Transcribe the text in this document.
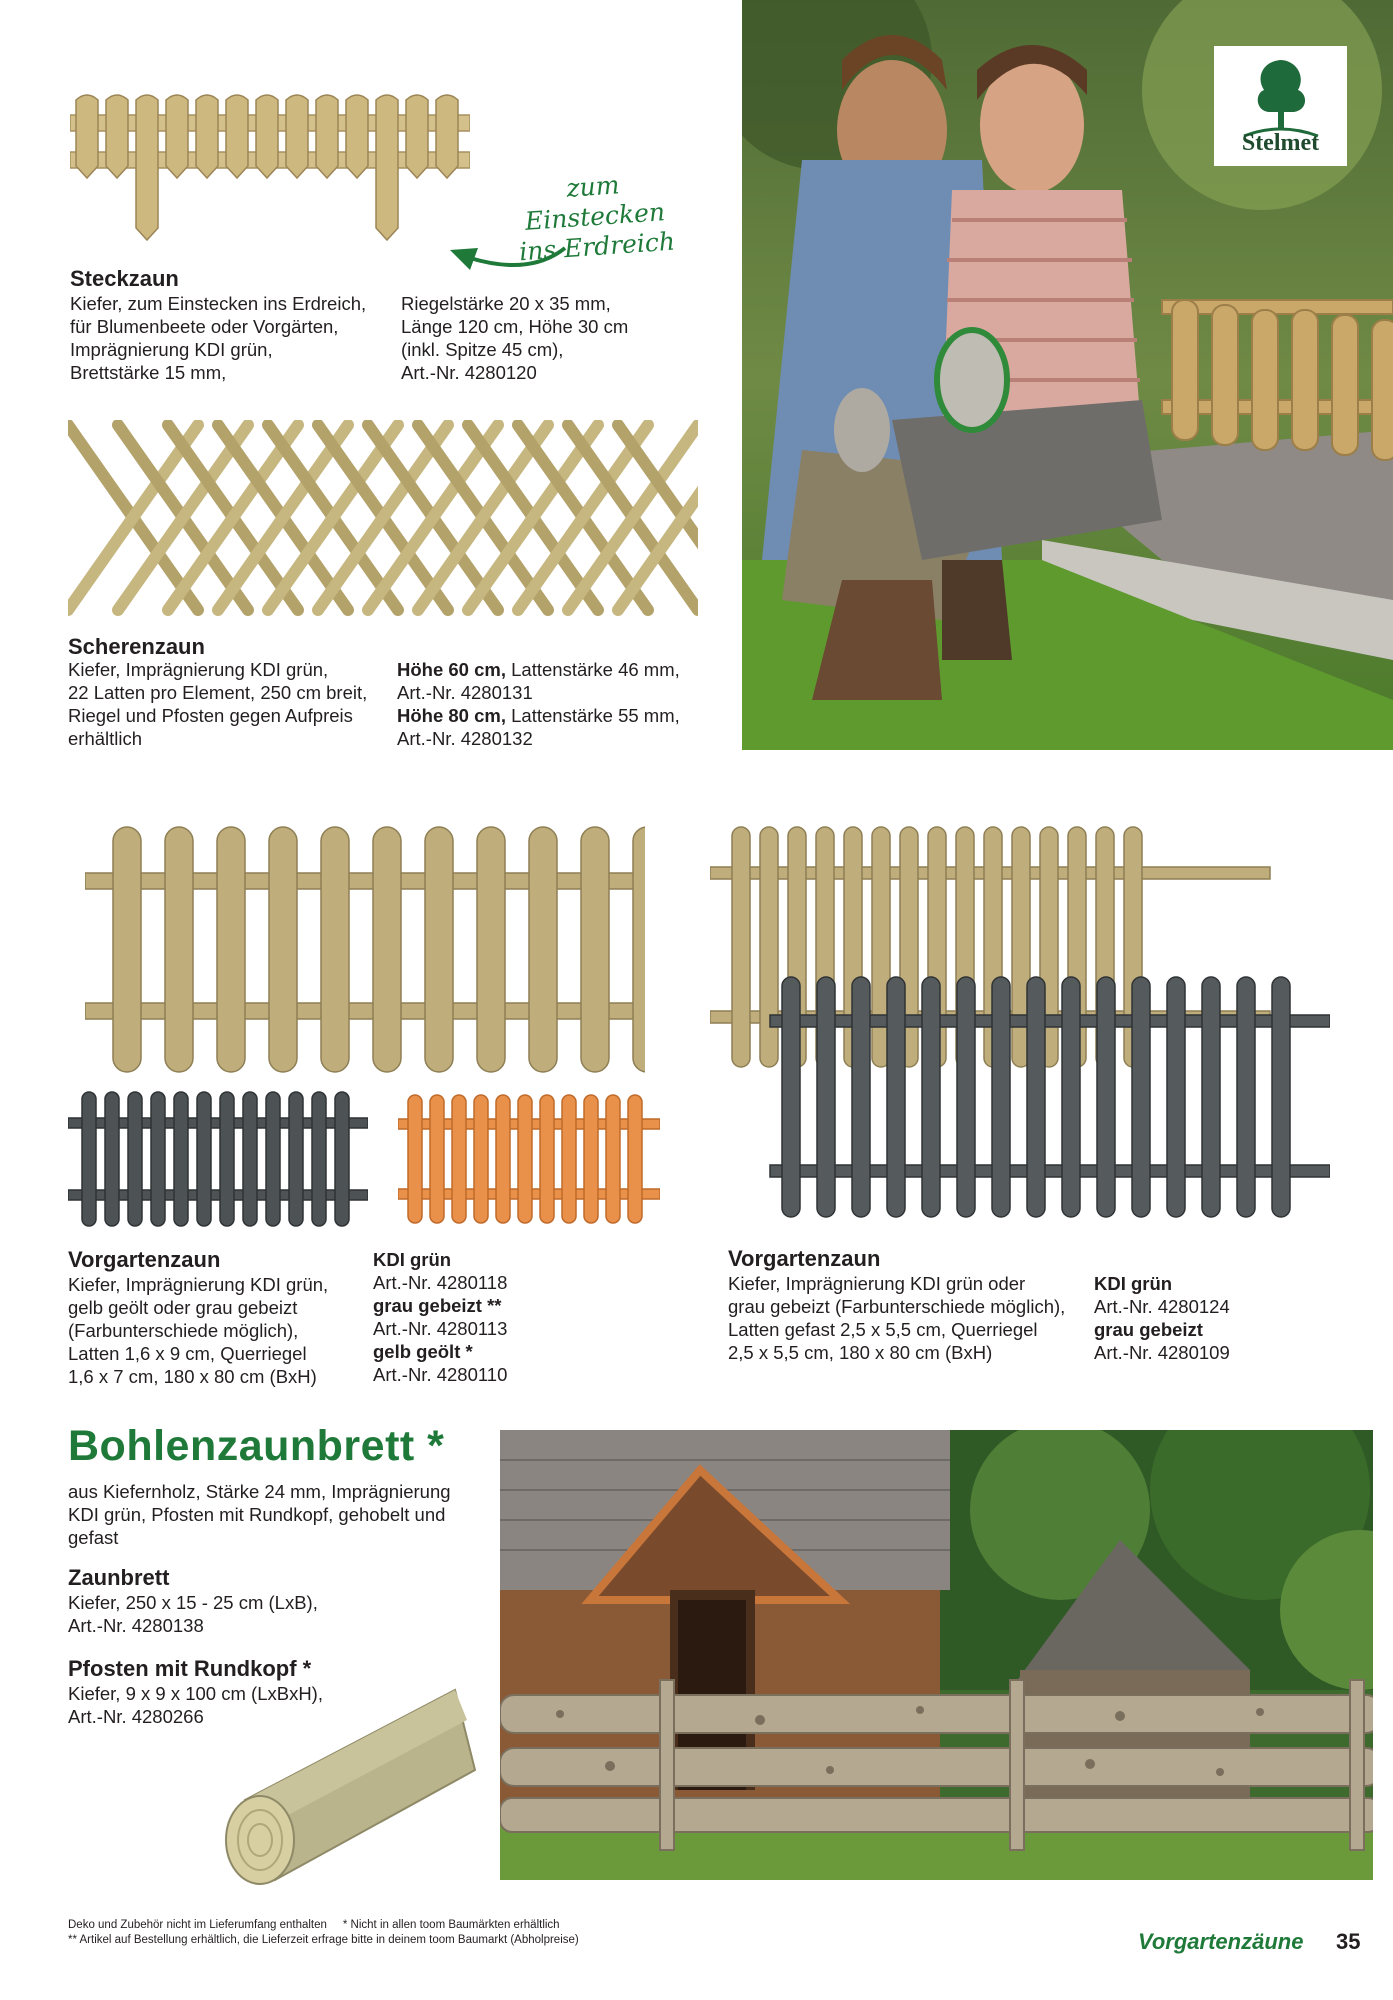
Stelmet
zum Einstecken
ins Erdreich
Steckzaun
Kiefer, zum Einstecken ins Erdreich,
für Blumenbeete oder Vorgärten,
Imprägnierung KDI grün,
Brettstärke 15 mm,
Riegelstärke 20 x 35 mm,
Länge 120 cm, Höhe 30 cm
(inkl. Spitze 45 cm),
Art.-Nr. 4280120
Scherenzaun
Kiefer, Imprägnierung KDI grün,
22 Latten pro Element, 250 cm breit,
Riegel und Pfosten gegen Aufpreis
erhältlich
Höhe 60 cm, Lattenstärke 46 mm,
Art.-Nr. 4280131
Höhe 80 cm, Lattenstärke 55 mm,
Art.-Nr. 4280132
Vorgartenzaun
Kiefer, Imprägnierung KDI grün,
gelb geölt oder grau gebeizt
(Farbunterschiede möglich),
Latten 1,6 x 9 cm, Querriegel
1,6 x 7 cm, 180 x 80 cm (BxH)
KDI grün
Art.-Nr. 4280118
grau gebeizt **
Art.-Nr. 4280113
gelb geölt *
Art.-Nr. 4280110
Vorgartenzaun
Kiefer, Imprägnierung KDI grün oder
grau gebeizt (Farbunterschiede möglich),
Latten gefast 2,5 x 5,5 cm, Querriegel
2,5 x 5,5 cm, 180 x 80 cm (BxH)
KDI grün
Art.-Nr. 4280124
grau gebeizt
Art.-Nr. 4280109
Bohlenzaunbrett *
aus Kiefernholz, Stärke 24 mm, Imprägnierung
KDI grün, Pfosten mit Rundkopf, gehobelt und
gefast
Zaunbrett
Kiefer, 250 x 15 - 25 cm (LxB),
Art.-Nr. 4280138
Pfosten mit Rundkopf *
Kiefer, 9 x 9 x 100 cm (LxBxH),
Art.-Nr. 4280266
Deko und Zubehör nicht im Lieferumfang enthalten     * Nicht in allen toom Baumärkten erhältlich
** Artikel auf Bestellung erhältlich, die Lieferzeit erfrage bitte in deinem toom Baumarkt (Abholpreise)	Vorgartenzäune 35
